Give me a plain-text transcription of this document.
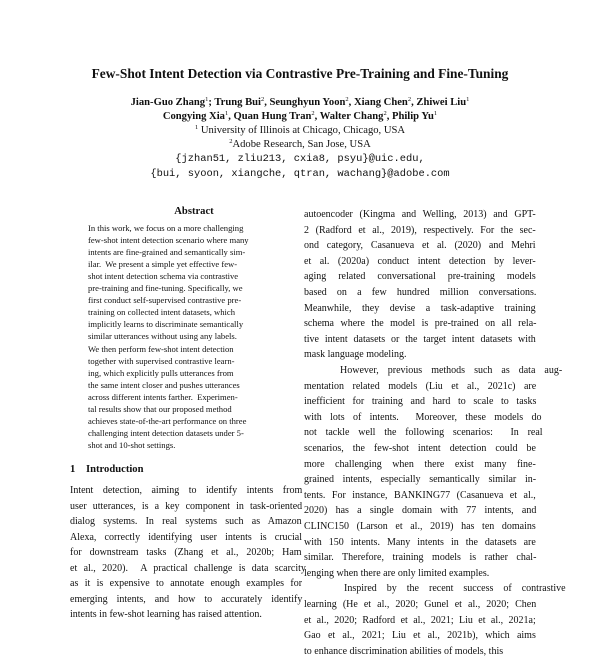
Few-Shot Intent Detection via Contrastive Pre-Training and Fine-Tuning
Jian-Guo Zhang$^1$; Trung Bui$^2$, Seunghyun Yoon$^2$, Xiang Chen$^2$, Zhiwei Liu$^1$
Congying Xia$^1$, Quan Hung Tran$^2$, Walter Chang$^2$, Philip Yu$^1$
$^1$ University of Illinois at Chicago, Chicago, USA
$^2$Adobe Research, San Jose, USA
{jzhan51, zliu213, cxia8, psyu}@uic.edu,
{bui, syoon, xiangche, qtran, wachang}@adobe.com
Abstract
In this work, we focus on a more challenging
few-shot intent detection scenario where many
intents are fine-grained and semantically sim-
ilar.  We present a simple yet effective few-
shot intent detection schema via contrastive
pre-training and fine-tuning. Specifically, we
first conduct self-supervised contrastive pre-
training on collected intent datasets, which
implicitly learns to discriminate semantically
similar utterances without using any labels.
We then perform few-shot intent detection
together with supervised contrastive learn-
ing, which explicitly pulls utterances from
the same intent closer and pushes utterances
across different intents farther.  Experimen-
tal results show that our proposed method
achieves state-of-the-art performance on three
challenging intent detection datasets under 5-
shot and 10-shot settings.
1 Introduction
Intent detection, aiming to identify intents from
user utterances, is a key component in task-oriented
dialog systems. In real systems such as Amazon
Alexa, correctly identifying user intents is crucial
for downstream tasks (Zhang et al., 2020b; Ham
et al., 2020).  A practical challenge is data scarcity
as it is expensive to annotate enough examples for
emerging intents, and how to accurately identify
intents in few-shot learning has raised attention.
autoencoder (Kingma and Welling, 2013) and GPT-
2 (Radford et al., 2019), respectively. For the sec-
ond category, Casanueva et al. (2020) and Mehri
et al. (2020a) conduct intent detection by lever-
aging related conversational pre-training models
based on a few hundred million conversations.
Meanwhile, they devise a task-adaptive training
schema where the model is pre-trained on all rela-
tive intent datasets or the target intent datasets with
mask language modeling.
However, previous methods such as data aug-
mentation related models (Liu et al., 2021c) are
inefficient for training and hard to scale to tasks
with lots of intents.  Moreover, these models do
not tackle well the following scenarios:  In real
scenarios, the few-shot intent detection could be
more challenging when there exist many fine-
grained intents, especially semantically similar in-
tents. For instance, BANKING77 (Casanueva et al.,
2020) has a single domain with 77 intents, and
CLINC150 (Larson et al., 2019) has ten domains
with 150 intents. Many intents in the datasets are
similar. Therefore, training models is rather chal-
lenging when there are only limited examples.
Inspired by the recent success of contrastive
learning (He et al., 2020; Gunel et al., 2020; Chen
et al., 2020; Radford et al., 2021; Liu et al., 2021a;
Gao et al., 2021; Liu et al., 2021b), which aims
to enhance discrimination abilities of models, this
